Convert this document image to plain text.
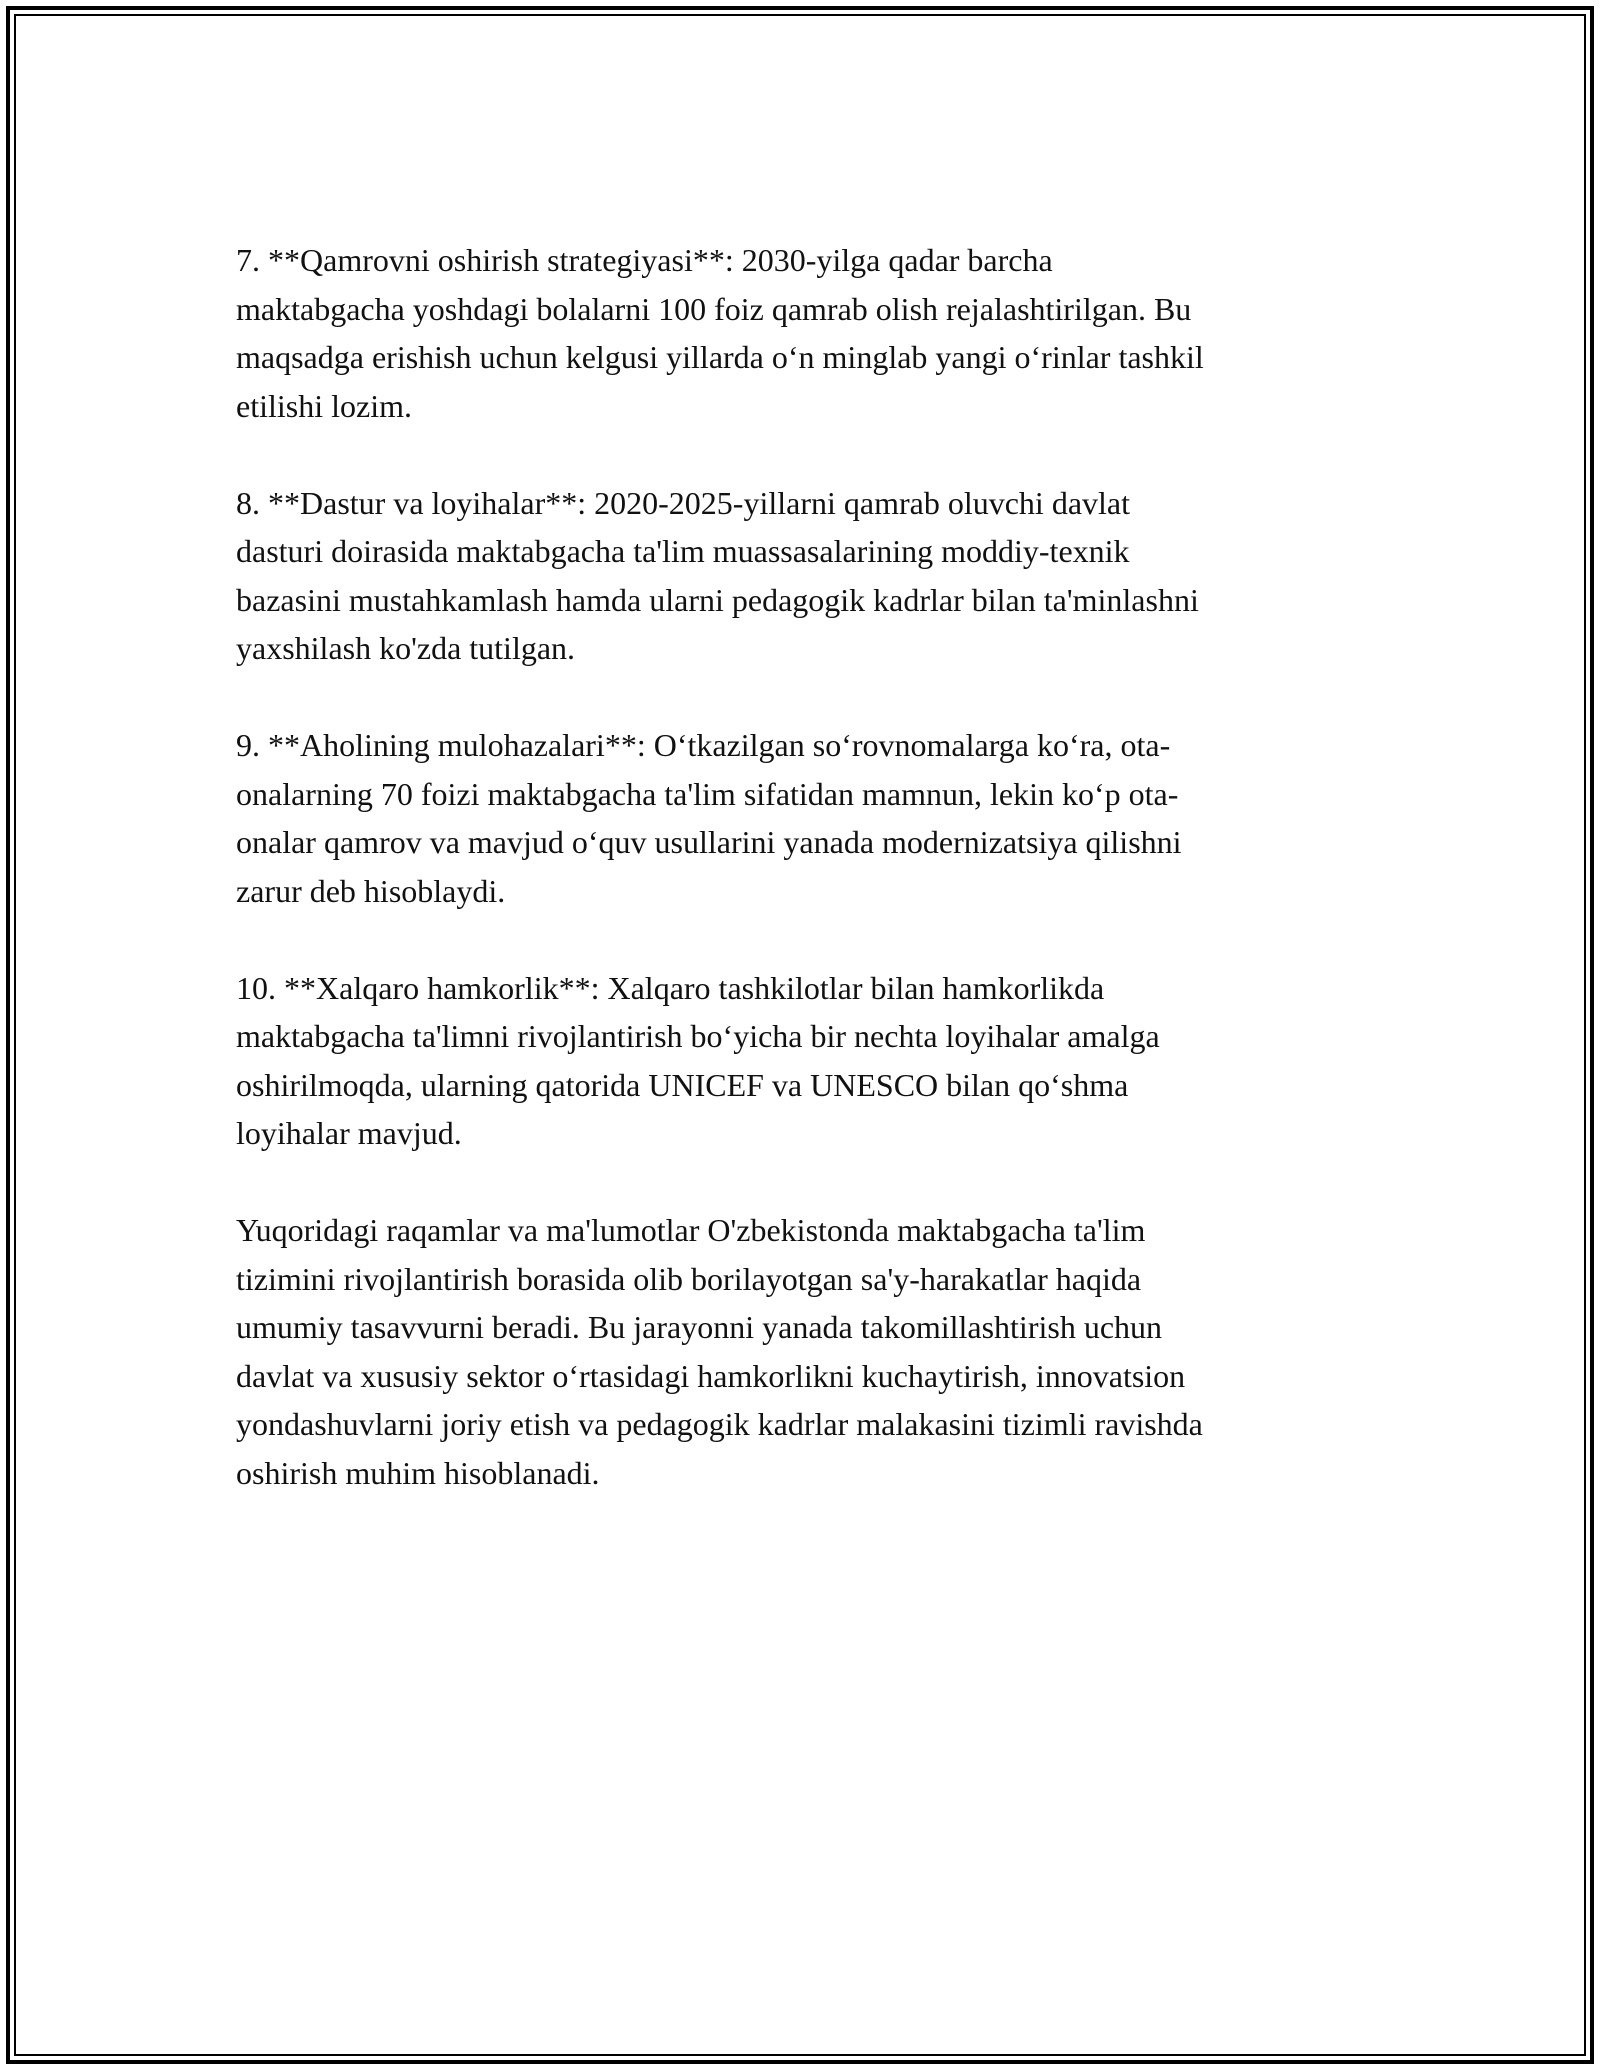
7. **Qamrovni oshirish strategiyasi**: 2030-yilga qadar barcha
maktabgacha yoshdagi bolalarni 100 foiz qamrab olish rejalashtirilgan. Bu
maqsadga erishish uchun kelgusi yillarda o‘n minglab yangi o‘rinlar tashkil
etilishi lozim.

8. **Dastur va loyihalar**: 2020-2025-yillarni qamrab oluvchi davlat
dasturi doirasida maktabgacha ta'lim muassasalarining moddiy-texnik
bazasini mustahkamlash hamda ularni pedagogik kadrlar bilan ta'minlashni
yaxshilash ko'zda tutilgan.

9. **Aholining mulohazalari**: O‘tkazilgan so‘rovnomalarga ko‘ra, ota-
onalarning 70 foizi maktabgacha ta'lim sifatidan mamnun, lekin ko‘p ota-
onalar qamrov va mavjud o‘quv usullarini yanada modernizatsiya qilishni
zarur deb hisoblaydi.

10. **Xalqaro hamkorlik**: Xalqaro tashkilotlar bilan hamkorlikda
maktabgacha ta'limni rivojlantirish bo‘yicha bir nechta loyihalar amalga
oshirilmoqda, ularning qatorida UNICEF va UNESCO bilan qo‘shma
loyihalar mavjud.

Yuqoridagi raqamlar va ma'lumotlar O'zbekistonda maktabgacha ta'lim
tizimini rivojlantirish borasida olib borilayotgan sa'y-harakatlar haqida
umumiy tasavvurni beradi. Bu jarayonni yanada takomillashtirish uchun
davlat va xususiy sektor o‘rtasidagi hamkorlikni kuchaytirish, innovatsion
yondashuvlarni joriy etish va pedagogik kadrlar malakasini tizimli ravishda
oshirish muhim hisoblanadi.
